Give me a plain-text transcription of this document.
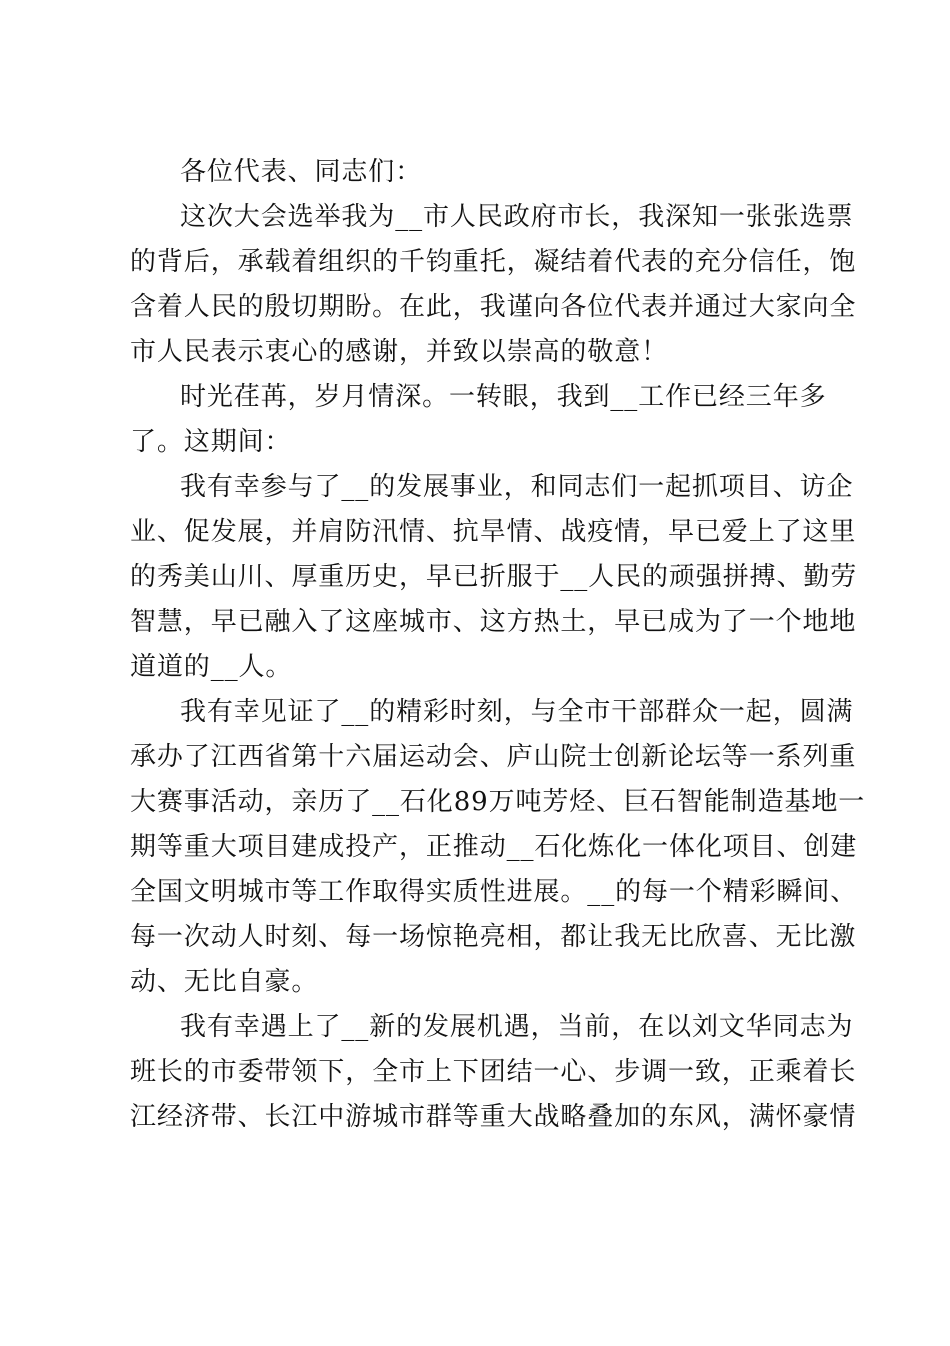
各位代表、同志们：
这次大会选举我为__市人民政府市长，我深知一张张选票
的背后，承载着组织的千钧重托，凝结着代表的充分信任，饱
含着人民的殷切期盼。在此，我谨向各位代表并通过大家向全
市人民表示衷心的感谢，并致以崇高的敬意！
时光荏苒，岁月情深。一转眼，我到__工作已经三年多
了。这期间：
我有幸参与了__的发展事业，和同志们一起抓项目、访企
业、促发展，并肩防汛情、抗旱情、战疫情，早已爱上了这里
的秀美山川、厚重历史，早已折服于__人民的顽强拼搏、勤劳
智慧，早已融入了这座城市、这方热土，早已成为了一个地地
道道的__人。
我有幸见证了__的精彩时刻，与全市干部群众一起，圆满
承办了江西省第十六届运动会、庐山院士创新论坛等一系列重
大赛事活动，亲历了__石化89万吨芳烃、巨石智能制造基地一
期等重大项目建成投产，正推动__石化炼化一体化项目、创建
全国文明城市等工作取得实质性进展。__的每一个精彩瞬间、
每一次动人时刻、每一场惊艳亮相，都让我无比欣喜、无比激
动、无比自豪。
我有幸遇上了__新的发展机遇，当前，在以刘文华同志为
班长的市委带领下，全市上下团结一心、步调一致，正乘着长
江经济带、长江中游城市群等重大战略叠加的东风，满怀豪情
